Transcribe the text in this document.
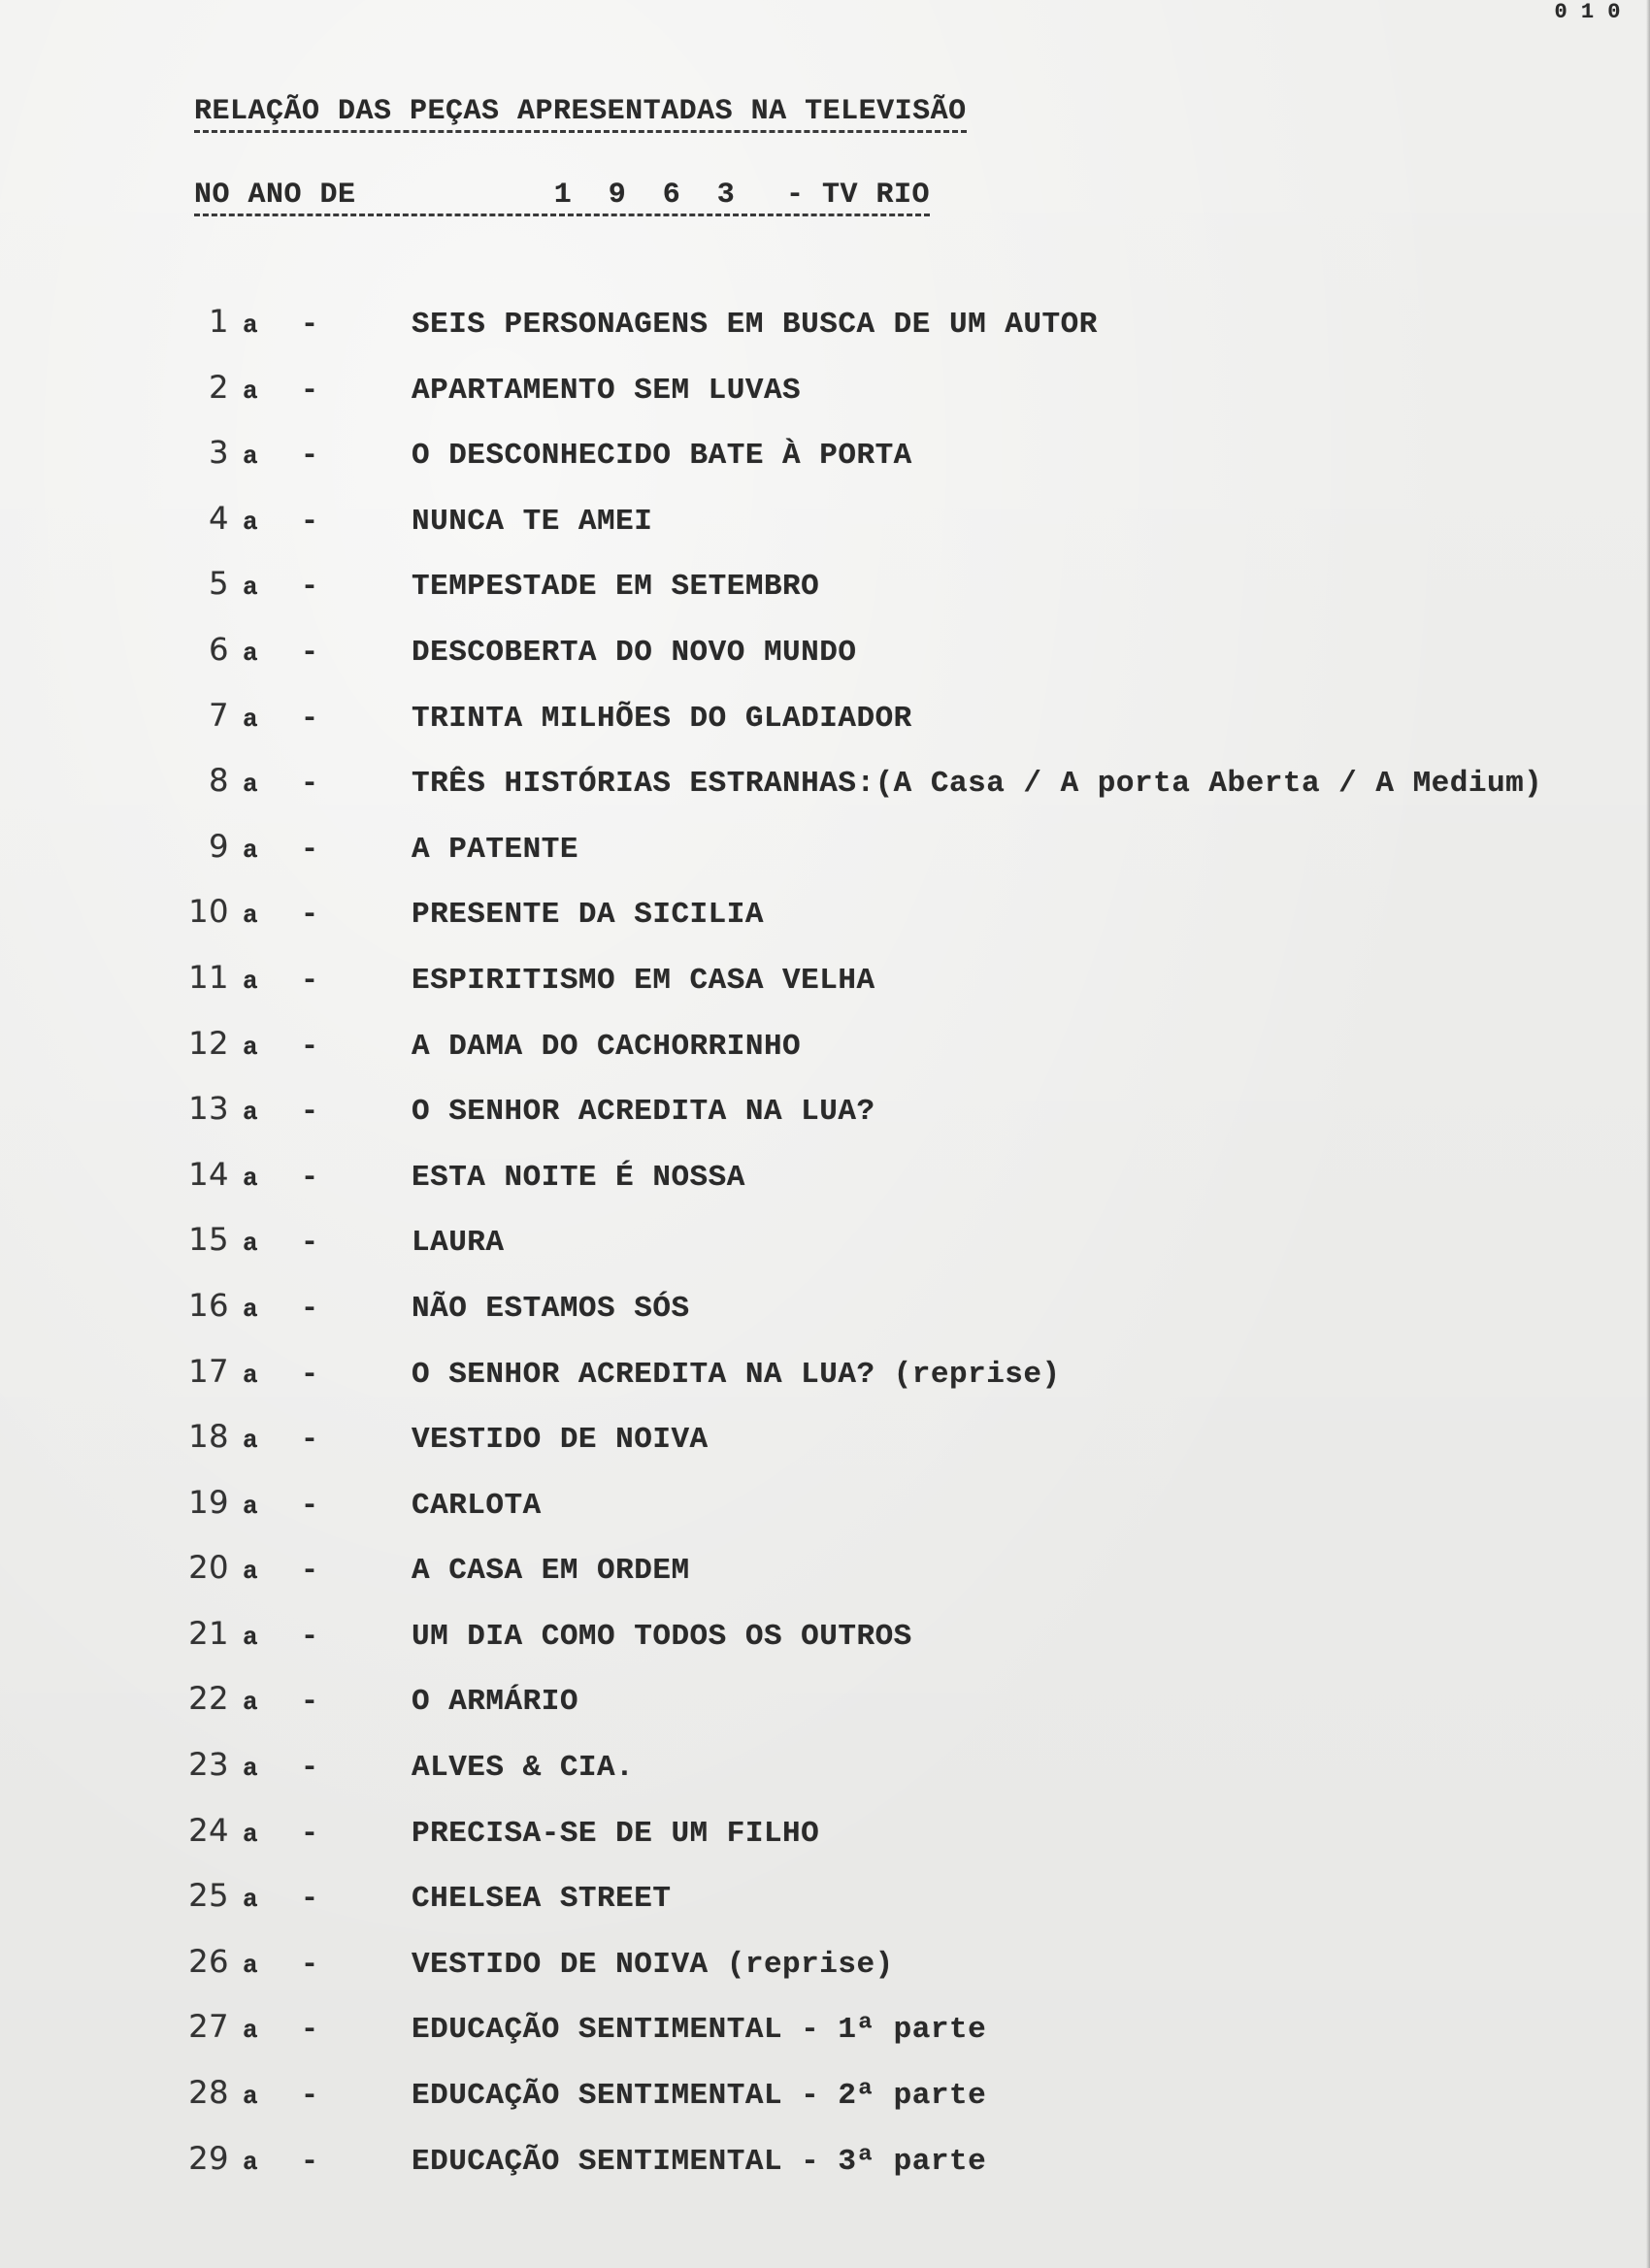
0 1 0
RELAÇÃO DAS PEÇAS APRESENTADAS NA TELEVISÃO
NO ANO DE	1 9 6 3	- TV RIO
1 a	-	SEIS PERSONAGENS EM BUSCA DE UM AUTOR
2 a	-	APARTAMENTO SEM LUVAS
3 a	-	O DESCONHECIDO BATE À PORTA
4 a	-	NUNCA TE AMEI
5 a	-	TEMPESTADE EM SETEMBRO
6 a	-	DESCOBERTA DO NOVO MUNDO
7 a	-	TRINTA MILHÕES DO GLADIADOR
8 a	-	TRÊS HISTÓRIAS ESTRANHAS:(A Casa / A porta Aberta / A Medium)
9 a	-	A PATENTE
10 a	-	PRESENTE DA SICILIA
11 a	-	ESPIRITISMO EM CASA VELHA
12 a	-	A DAMA DO CACHORRINHO
13 a	-	O SENHOR ACREDITA NA LUA?
14 a	-	ESTA NOITE É NOSSA
15 a	-	LAURA
16 a	-	NÃO ESTAMOS SÓS
17 a	-	O SENHOR ACREDITA NA LUA? (reprise)
18 a	-	VESTIDO DE NOIVA
19 a	-	CARLOTA
20 a	-	A CASA EM ORDEM
21 a	-	UM DIA COMO TODOS OS OUTROS
22 a	-	O ARMÁRIO
23 a	-	ALVES & CIA.
24 a	-	PRECISA-SE DE UM FILHO
25 a	-	CHELSEA STREET
26 a	-	VESTIDO DE NOIVA (reprise)
27 a	-	EDUCAÇÃO SENTIMENTAL - 1ª parte
28 a	-	EDUCAÇÃO SENTIMENTAL - 2ª parte
29 a	-	EDUCAÇÃO SENTIMENTAL - 3ª parte
